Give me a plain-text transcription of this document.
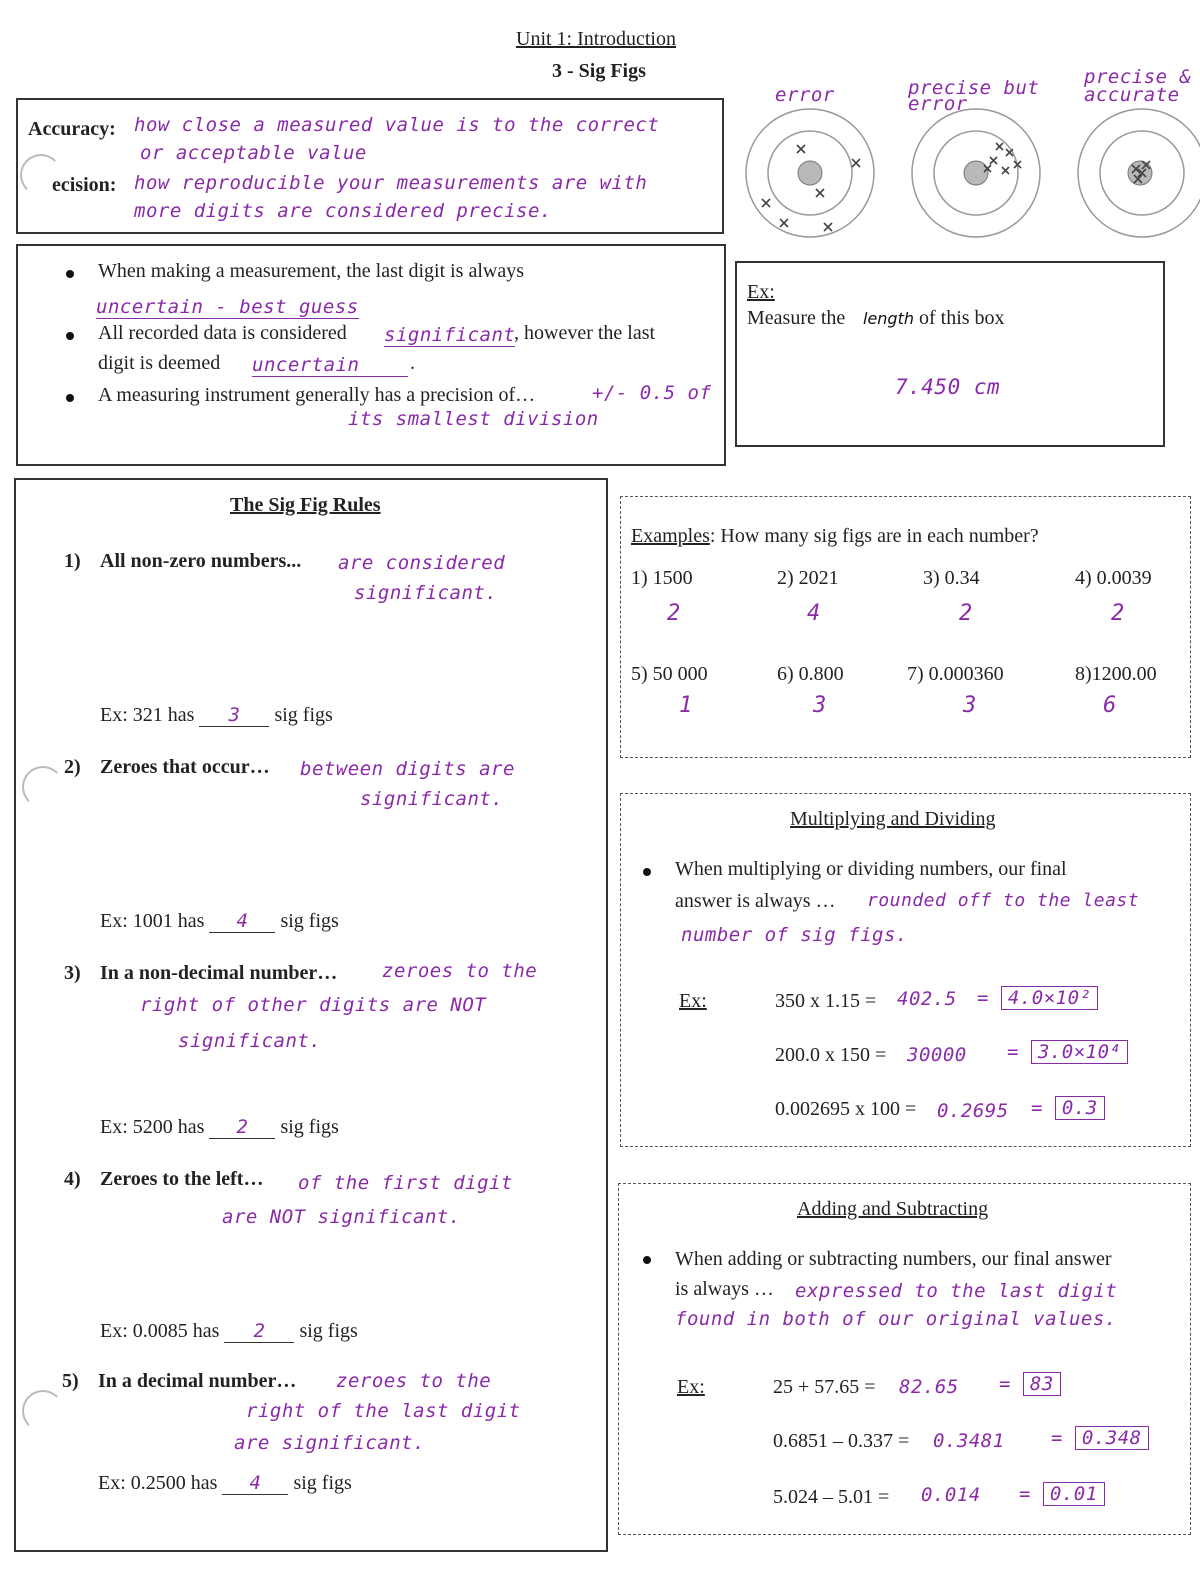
Unit 1: Introduction
3 - Sig Figs
Accuracy: how close a measured value is to the correct
or acceptable value
ecision: how reproducible your measurements are with
more digits are considered precise.
error	precise but error
precise & accurate
When making a measurement, the last digit is always
uncertain - best guess
All recorded data is considered significant
, however the last
digit is deemed uncertain	.
A measuring instrument generally has a precision of…	+/- 0.5 of
its smallest division
Ex:
Measure the length of this box
7.450 cm
The Sig Fig Rules
1) All non-zero numbers... are considered
significant.
Ex: 321 has 3 sig figs
2) Zeroes that occur… between digits are
significant.
Ex: 1001 has 4 sig figs
3) In a non-decimal number… zeroes to the
right of other digits are NOT
significant.
Ex: 5200 has 2 sig figs
4) Zeroes to the left… of the first digit
are NOT significant.
Ex: 0.0085 has 2 sig figs
5) In a decimal number… zeroes to the
right of the last digit
are significant.
Ex: 0.2500 has 4 sig figs
Examples: How many sig figs are in each number?
1) 1500	2) 2021	3) 0.34	4) 0.0039
2	4	2	2
5) 50 000	6) 0.800	7) 0.000360	8)1200.00
1	3	3	6
Multiplying and Dividing
When multiplying or dividing numbers, our final
answer is always … rounded off to the least
number of sig figs.
Ex:	350 x 1.15 = 402.5 = 4.0×10²
200.0 x 150 = 30000 = 3.0×10⁴
0.002695 x 100 = 0.2695 = 0.3
Adding and Subtracting
When adding or subtracting numbers, our final answer
is always … expressed to the last digit
found in both of our original values.
Ex:	25 + 57.65 = 82.65 = 83
0.6851 – 0.337 = 0.3481 = 0.348
5.024 – 5.01 = 0.014 = 0.01
